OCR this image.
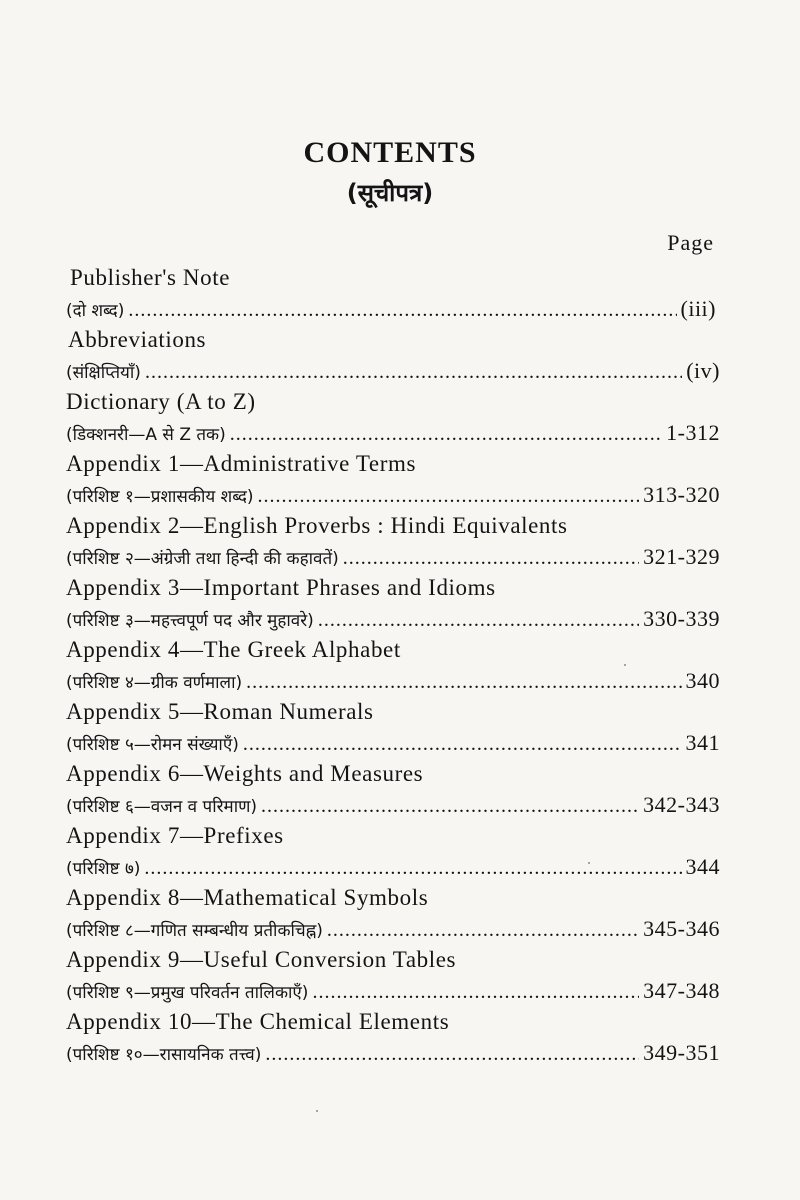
CONTENTS
(सूचीपत्र)
Page
Publisher's Note
(दो शब्द) .....	(iii)
Abbreviations
(संक्षिप्तियाँ) .....	(iv)
Dictionary (A to Z)
(डिक्शनरी—A से Z तक) .....	1-312
Appendix 1—Administrative Terms
(परिशिष्ट १—प्रशासकीय शब्द) .....	313-320
Appendix 2—English Proverbs : Hindi Equivalents
(परिशिष्ट २—अंग्रेजी तथा हिन्दी की कहावतें) .....	321-329
Appendix 3—Important Phrases and Idioms
(परिशिष्ट ३—महत्त्वपूर्ण पद और मुहावरे) .....	330-339
Appendix 4—The Greek Alphabet
(परिशिष्ट ४—ग्रीक वर्णमाला) .....	340
Appendix 5—Roman Numerals
(परिशिष्ट ५—रोमन संख्याएँ) .....	341
Appendix 6—Weights and Measures
(परिशिष्ट ६—वजन व परिमाण) .....	342-343
Appendix 7—Prefixes
(परिशिष्ट ७) .....	344
Appendix 8—Mathematical Symbols
(परिशिष्ट ८—गणित सम्बन्धीय प्रतीकचिह्न) .....	345-346
Appendix 9—Useful Conversion Tables
(परिशिष्ट ९—प्रमुख परिवर्तन तालिकाएँ) .....	347-348
Appendix 10—The Chemical Elements
(परिशिष्ट १०—रासायनिक तत्त्व) .....	349-351
